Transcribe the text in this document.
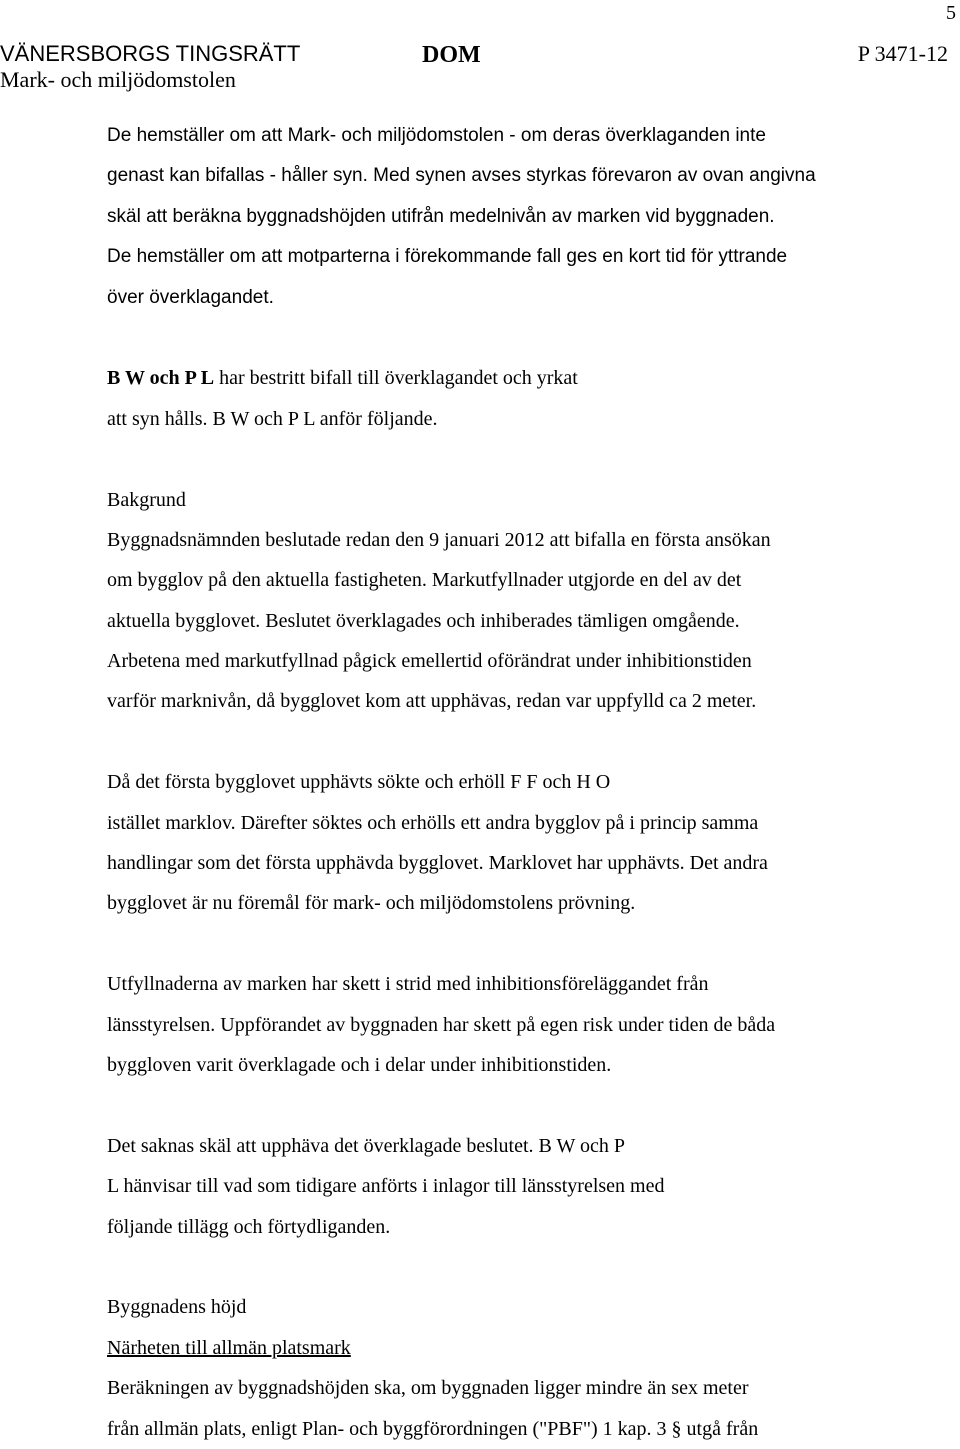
5
VÄNERSBORGS TINGSRÄTT
Mark- och miljödomstolen
DOM	P 3471-12
De hemställer om att Mark- och miljödomstolen - om deras överklaganden inte
genast kan bifallas - håller syn. Med synen avses styrkas förevaron av ovan angivna
skäl att beräkna byggnadshöjden utifrån medelnivån av marken vid byggnaden.
De hemställer om att motparterna i förekommande fall ges en kort tid för yttrande
över överklagandet.
B W och P L har bestritt bifall till överklagandet och yrkat
att syn hålls. B W och P L anför följande.
Bakgrund
Byggnadsnämnden beslutade redan den 9 januari 2012 att bifalla en första ansökan
om bygglov på den aktuella fastigheten. Markutfyllnader utgjorde en del av det
aktuella bygglovet. Beslutet överklagades och inhiberades tämligen omgående.
Arbetena med markutfyllnad pågick emellertid oförändrat under inhibitionstiden
varför marknivån, då bygglovet kom att upphävas, redan var uppfylld ca 2 meter.
Då det första bygglovet upphävts sökte och erhöll F F och H O
istället marklov. Därefter söktes och erhölls ett andra bygglov på i princip samma
handlingar som det första upphävda bygglovet. Marklovet har upphävts. Det andra
bygglovet är nu föremål för mark- och miljödomstolens prövning.
Utfyllnaderna av marken har skett i strid med inhibitionsföreläggandet från
länsstyrelsen. Uppförandet av byggnaden har skett på egen risk under tiden de båda
byggloven varit överklagade och i delar under inhibitionstiden.
Det saknas skäl att upphäva det överklagade beslutet. B W och P
L hänvisar till vad som tidigare anförts i inlagor till länsstyrelsen med
följande tillägg och förtydliganden.
Byggnadens höjd
Närheten till allmän platsmark
Beräkningen av byggnadshöjden ska, om byggnaden ligger mindre än sex meter
från allmän plats, enligt Plan- och byggförordningen ("PBF") 1 kap. 3 § utgå från
